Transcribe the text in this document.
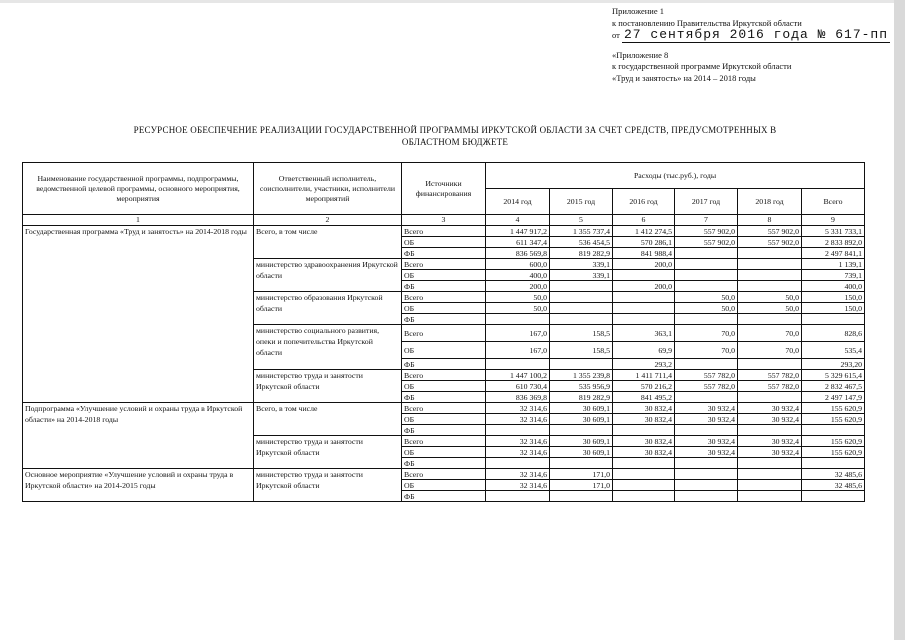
Приложение 1
к постановлению Правительства Иркутской области
от 27 сентября 2016 года № 617-пп
«Приложение 8
к государственной программе Иркутской области
«Труд и занятость» на 2014 – 2018 годы
РЕСУРСНОЕ ОБЕСПЕЧЕНИЕ РЕАЛИЗАЦИИ ГОСУДАРСТВЕННОЙ ПРОГРАММЫ ИРКУТСКОЙ ОБЛАСТИ ЗА СЧЕТ СРЕДСТВ, ПРЕДУСМОТРЕННЫХ В
ОБЛАСТНОМ БЮДЖЕТЕ
Наименование государственной программы, подпрограммы, ведомственной целевой программы, основного мероприятия, мероприятия	Ответственный исполнитель, соисполнители, участники, исполнители мероприятий	Источники финансирования	Расходы (тыс.руб.), годы					
			2014 год	2015 год	2016 год	2017 год	2018 год	Всего
1	2	3	4	5	6	7	8	9
Государственная программа «Труд и занятость» на 2014-2018 годы	Всего, в том числе	Всего	1 447 917,2	1 355 737,4	1 412 274,5	557 902,0	557 902,0	5 331 733,1
		ОБ	611 347,4	536 454,5	570 286,1	557 902,0	557 902,0	2 833 892,0
		ФБ	836 569,8	819 282,9	841 988,4			2 497 841,1
	министерство здравоохранения Иркутской области	Всего	600,0	339,1	200,0			1 139,1
		ОБ	400,0	339,1				739,1
		ФБ	200,0		200,0			400,0
	министерство образования Иркутской области	Всего	50,0			50,0	50,0	150,0
		ОБ	50,0			50,0	50,0	150,0
		ФБ						
	министерство социального развития, опеки и попечительства Иркутской области	Всего	167,0	158,5	363,1	70,0	70,0	828,6
		ОБ	167,0	158,5	69,9	70,0	70,0	535,4
		ФБ			293,2			293,20
	министерство труда и занятости Иркутской области	Всего	1 447 100,2	1 355 239,8	1 411 711,4	557 782,0	557 782,0	5 329 615,4
		ОБ	610 730,4	535 956,9	570 216,2	557 782,0	557 782,0	2 832 467,5
		ФБ	836 369,8	819 282,9	841 495,2			2 497 147,9
Подпрограмма «Улучшение условий и охраны труда в Иркутской области» на 2014-2018 годы	Всего, в том числе	Всего	32 314,6	30 609,1	30 832,4	30 932,4	30 932,4	155 620,9
		ОБ	32 314,6	30 609,1	30 832,4	30 932,4	30 932,4	155 620,9
		ФБ						
	министерство труда и занятости Иркутской области	Всего	32 314,6	30 609,1	30 832,4	30 932,4	30 932,4	155 620,9
		ОБ	32 314,6	30 609,1	30 832,4	30 932,4	30 932,4	155 620,9
		ФБ						
Основное мероприятие «Улучшение условий и охраны труда в Иркутской области» на 2014-2015 годы	министерство труда и занятости Иркутской области	Всего	32 314,6	171,0				32 485,6
		ОБ	32 314,6	171,0				32 485,6
		ФБ						
